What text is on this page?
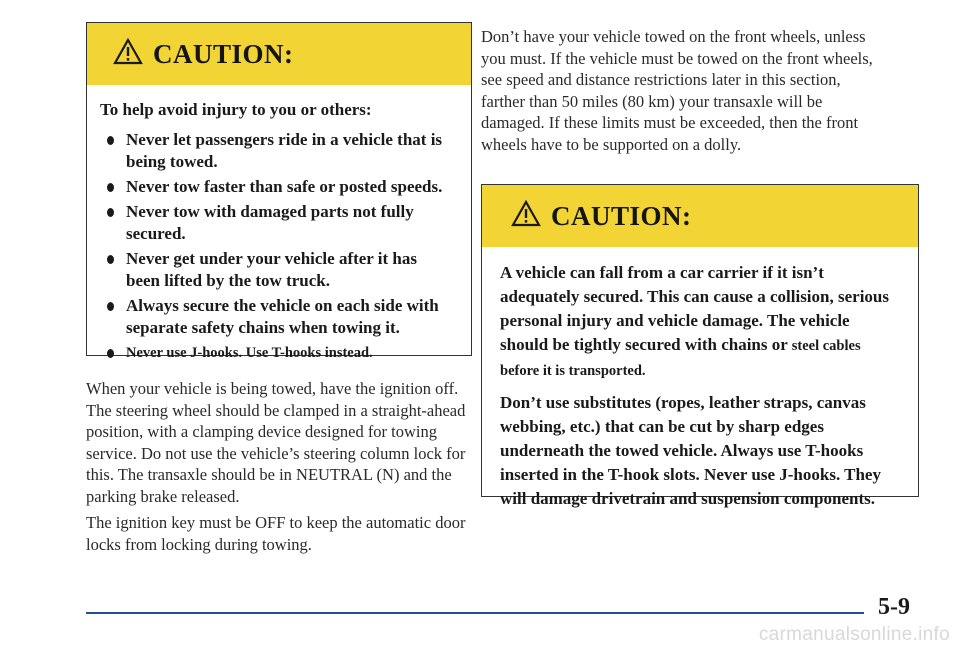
CAUTION:

To help avoid injury to you or others:

Never let passengers ride in a vehicle that is being towed.
Never tow faster than safe or posted speeds.
Never tow with damaged parts not fully secured.
Never get under your vehicle after it has been lifted by the tow truck.
Always secure the vehicle on each side with separate safety chains when towing it.
Never use J-hooks. Use T-hooks instead.

When your vehicle is being towed, have the ignition off. The steering wheel should be clamped in a straight-ahead position, with a clamping device designed for towing service. Do not use the vehicle’s steering column lock for this. The transaxle should be in NEUTRAL (N) and the parking brake released.

The ignition key must be OFF to keep the automatic door locks from locking during towing.

Don’t have your vehicle towed on the front wheels, unless you must. If the vehicle must be towed on the front wheels, see speed and distance restrictions later in this section, farther than 50 miles (80 km) your transaxle will be damaged. If these limits must be exceeded, then the front wheels have to be supported on a dolly.

CAUTION:

A vehicle can fall from a car carrier if it isn’t adequately secured. This can cause a collision, serious personal injury and vehicle damage. The vehicle should be tightly secured with chains or steel cables before it is transported.

Don’t use substitutes (ropes, leather straps, canvas webbing, etc.) that can be cut by sharp edges underneath the towed vehicle. Always use T-hooks inserted in the T-hook slots. Never use J-hooks. They will damage drivetrain and suspension components.

5-9
carmanualsonline.info
